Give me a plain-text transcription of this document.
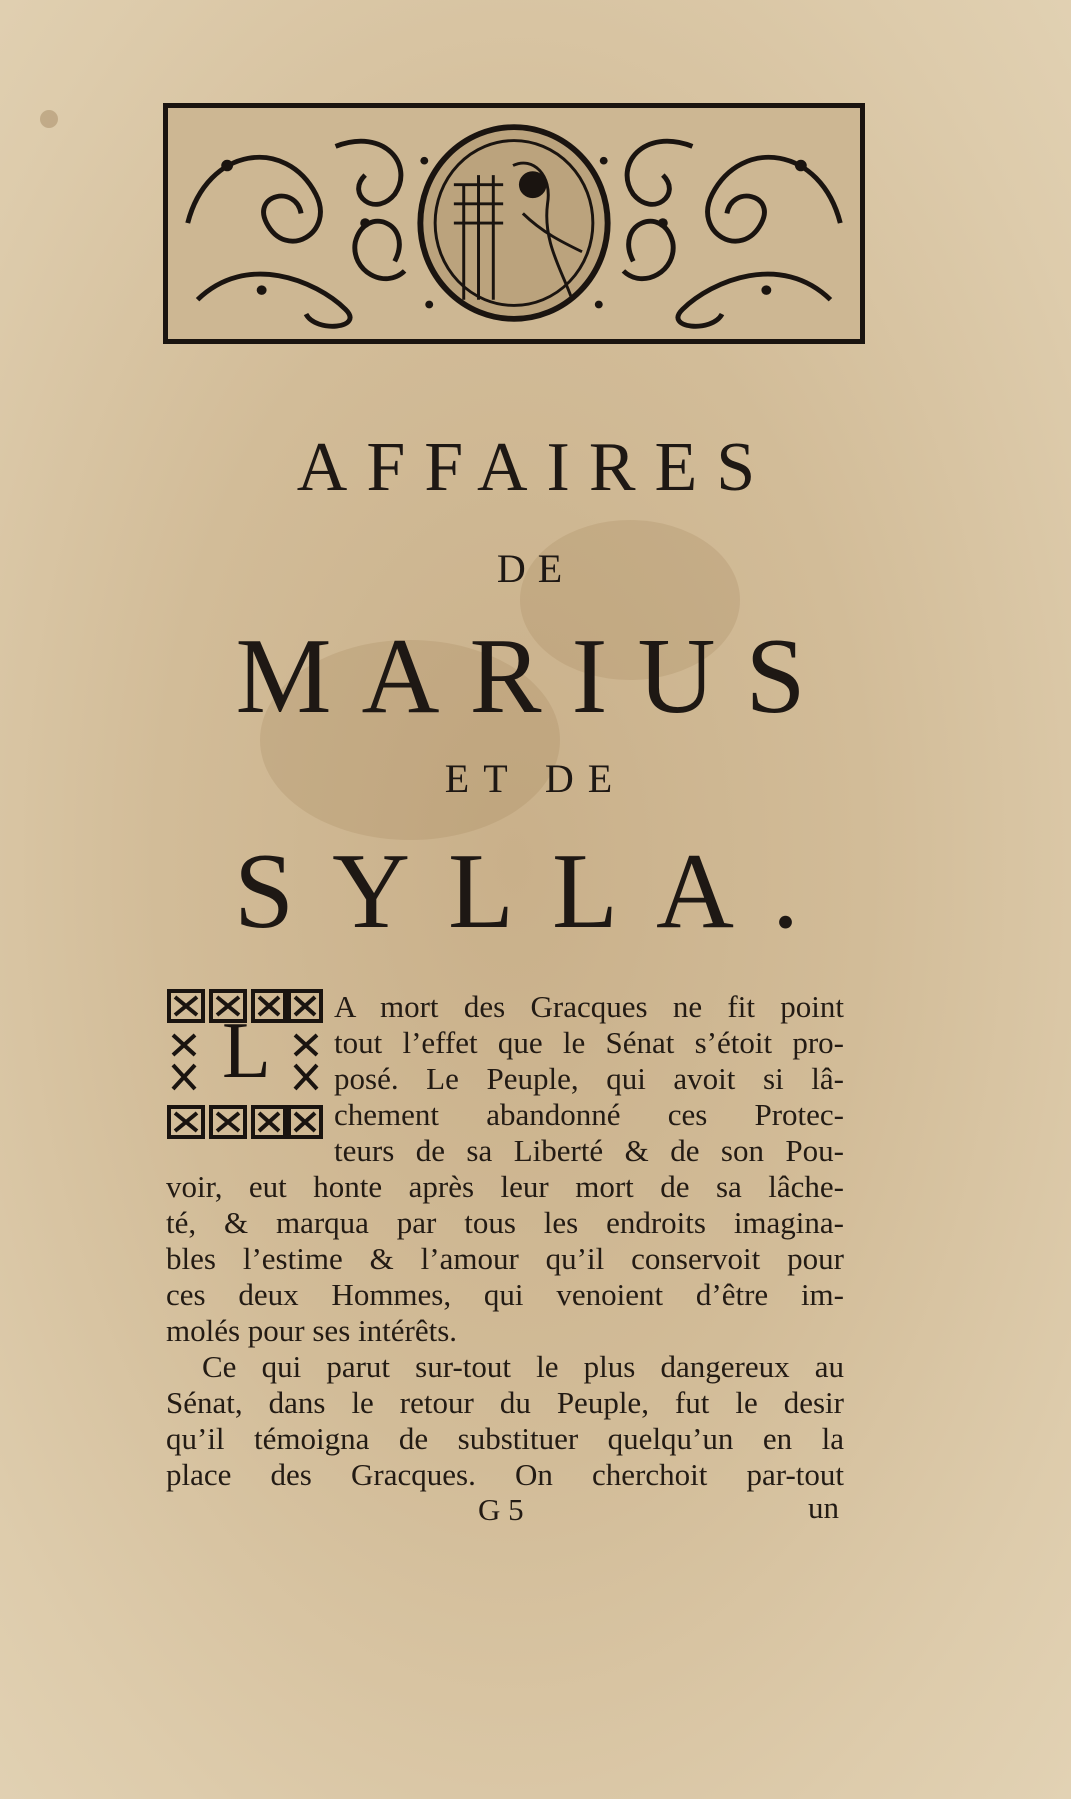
AFFAIRES
DE
MARIUS
ET DE
SYLLA.
L
A mort des Gracques ne fit point
tout l’effet que le Sénat s’étoit pro-
posé. Le Peuple, qui avoit si lâ-
chement abandonné ces Protec-
teurs de sa Liberté & de son Pou-
voir, eut honte après leur mort de sa lâche-
té, & marqua par tous les endroits imagina-
bles l’estime & l’amour qu’il conservoit pour
ces deux Hommes, qui venoient d’être im-
molés pour ses intérêts.
Ce qui parut sur-tout le plus dangereux au
Sénat, dans le retour du Peuple, fut le desir
qu’il témoigna de substituer quelqu’un en la
place des Gracques. On cherchoit par-tout
G 5	un
